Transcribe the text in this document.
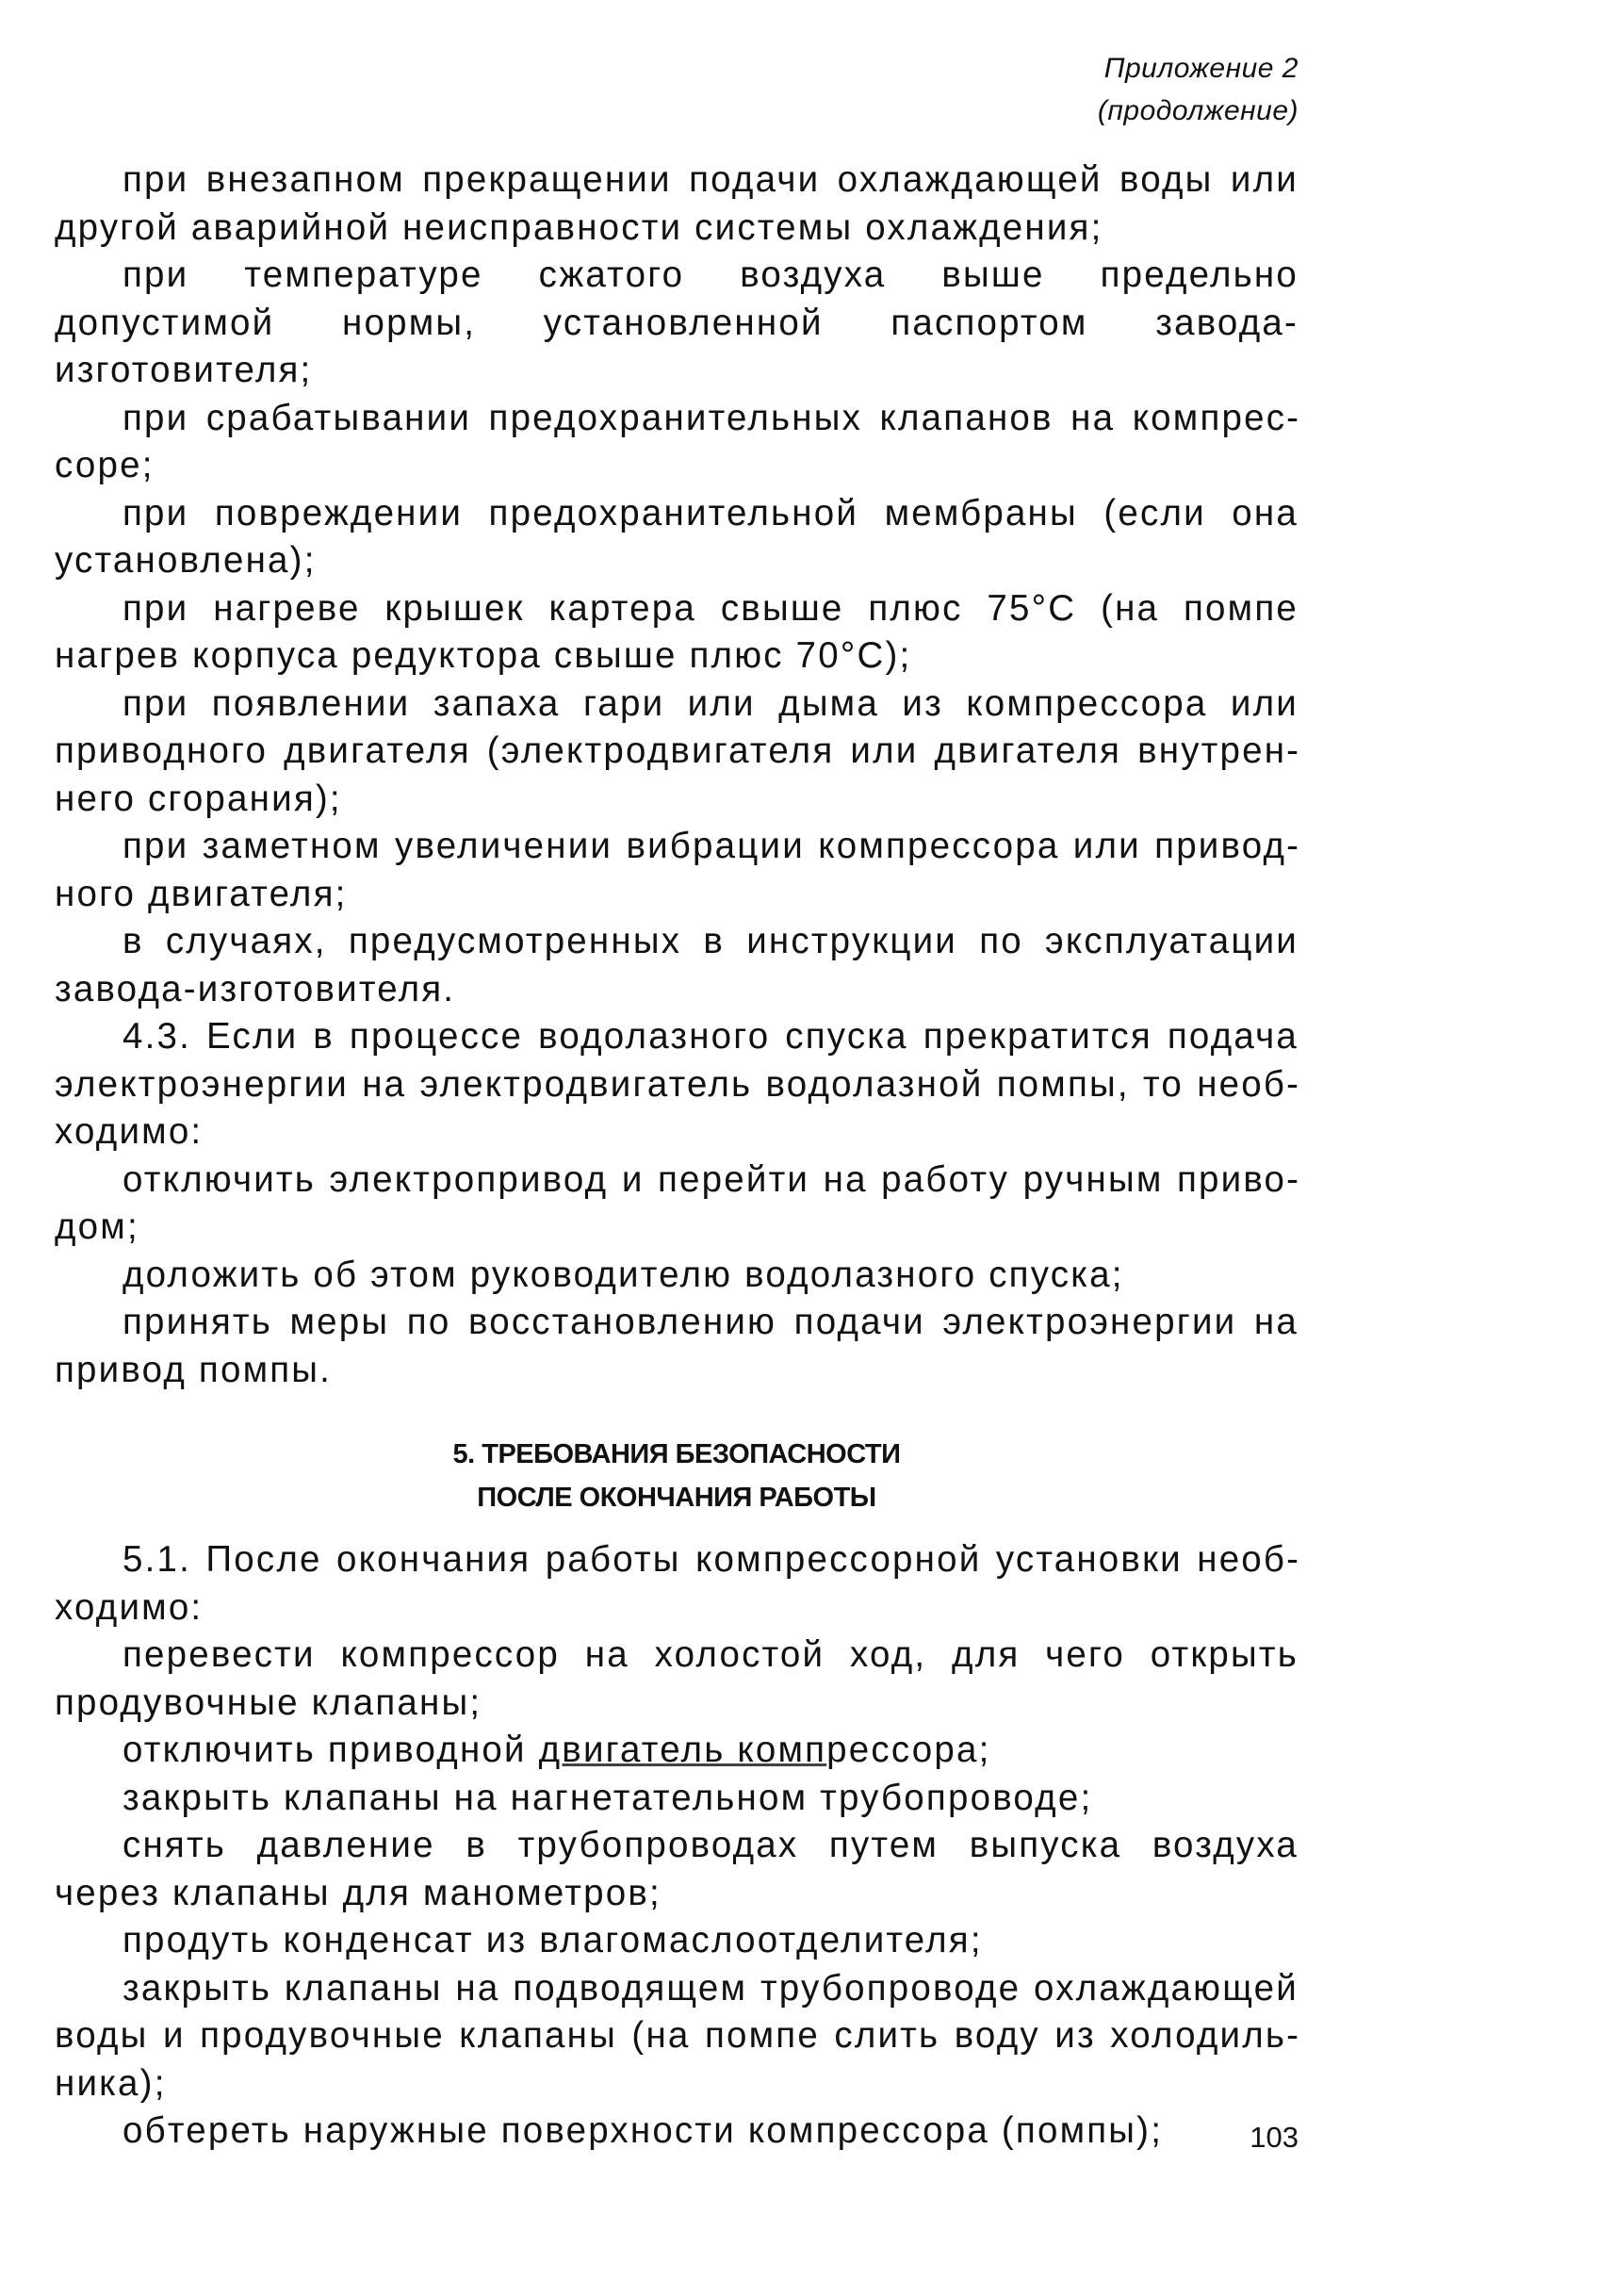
Приложение 2
(продолжение)

при внезапном прекращении подачи охлаждающей воды или другой аварийной неисправности системы охлаждения;

при температуре сжатого воздуха выше предельно допустимой нормы, установленной паспортом завода-изготовителя;

при срабатывании предохранительных клапанов на компрессоре;

при повреждении предохранительной мембраны (если она установлена);

при нагреве крышек картера свыше плюс 75°С (на помпе нагрев корпуса редуктора свыше плюс 70°С);

при появлении запаха гари или дыма из компрессора или приводного двигателя (электродвигателя или двигателя внутреннего сгорания);

при заметном увеличении вибрации компрессора или приводного двигателя;

в случаях, предусмотренных в инструкции по эксплуатации завода-изготовителя.

4.3. Если в процессе водолазного спуска прекратится подача электроэнергии на электродвигатель водолазной помпы, то необходимо:

отключить электропривод и перейти на работу ручным приводом;

доложить об этом руководителю водолазного спуска;

принять меры по восстановлению подачи электроэнергии на привод помпы.

5. ТРЕБОВАНИЯ БЕЗОПАСНОСТИ
ПОСЛЕ ОКОНЧАНИЯ РАБОТЫ

5.1. После окончания работы компрессорной установки необходимо:

перевести компрессор на холостой ход, для чего открыть продувочные клапаны;

отключить приводной двигатель компрессора;

закрыть клапаны на нагнетательном трубопроводе;

снять давление в трубопроводах путем выпуска воздуха через клапаны для манометров;

продуть конденсат из влагомаслоотделителя;

закрыть клапаны на подводящем трубопроводе охлаждающей воды и продувочные клапаны (на помпе слить воду из холодильника);

обтереть наружные поверхности компрессора (помпы);	103
